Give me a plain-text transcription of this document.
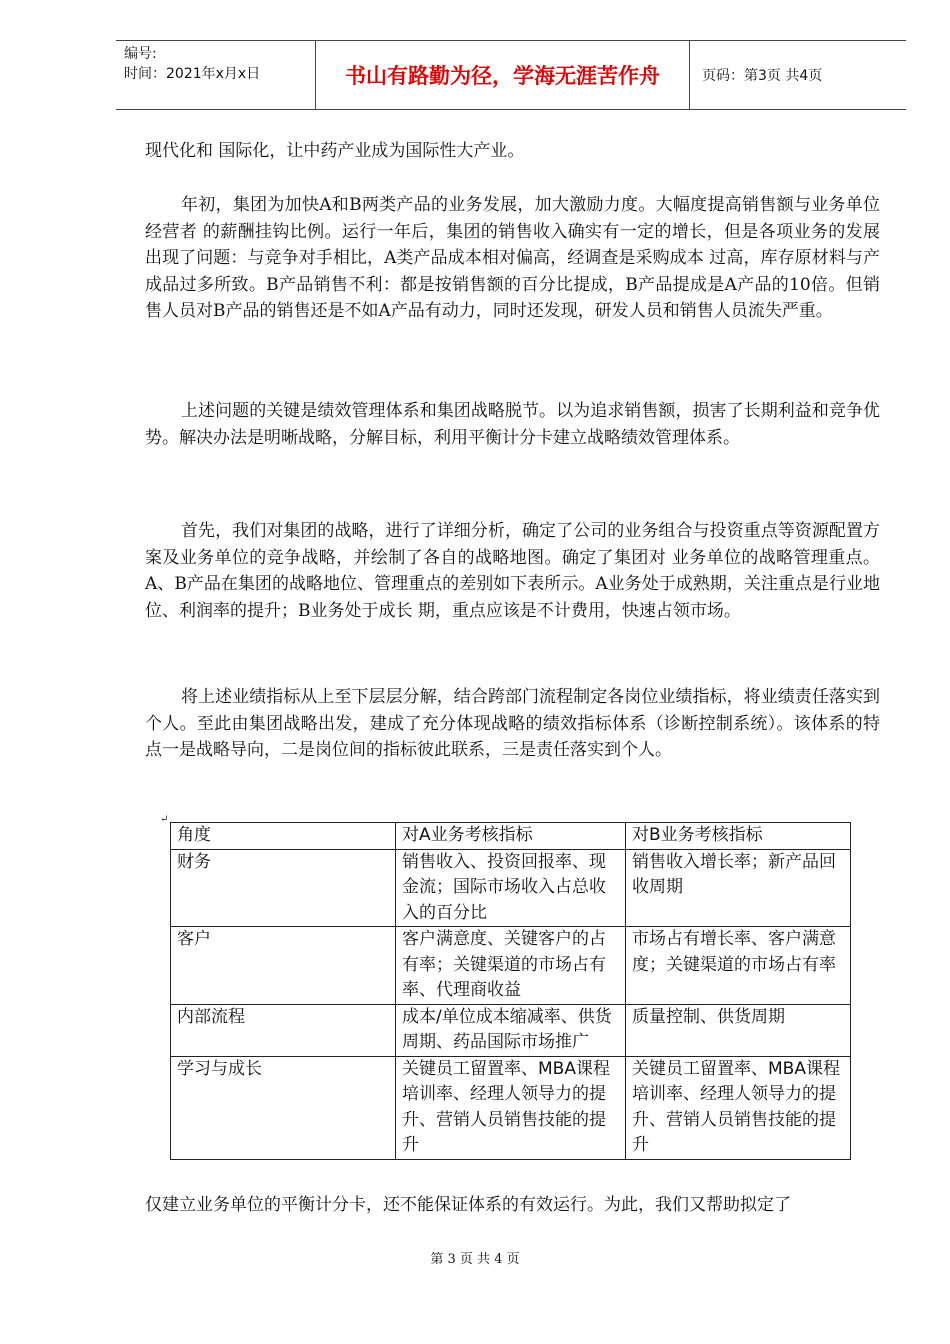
编号:
时间：2021年x月x日	书山有路勤为径，学海无涯苦作舟	页码：第3页 共4页

现代化和 国际化，让中药产业成为国际性大产业。

年初，集团为加快A和B两类产品的业务发展，加大激励力度。大幅度提高销售额与业务单位经营者 的薪酬挂钩比例。运行一年后，集团的销售收入确实有一定的增长，但是各项业务的发展出现了问题：与竞争对手相比，A类产品成本相对偏高，经调查是采购成本 过高，库存原材料与产成品过多所致。B产品销售不利：都是按销售额的百分比提成，B产品提成是A产品的10倍。但销售人员对B产品的销售还是不如A产品有动力，同时还发现，研发人员和销售人员流失严重。

上述问题的关键是绩效管理体系和集团战略脱节。以为追求销售额，损害了长期利益和竞争优势。解决办法是明晰战略，分解目标，利用平衡计分卡建立战略绩效管理体系。

首先，我们对集团的战略，进行了详细分析，确定了公司的业务组合与投资重点等资源配置方案及业务单位的竞争战略，并绘制了各自的战略地图。确定了集团对 业务单位的战略管理重点。A、B产品在集团的战略地位、管理重点的差别如下表所示。A业务处于成熟期，关注重点是行业地位、利润率的提升；B业务处于成长 期，重点应该是不计费用，快速占领市场。

将上述业绩指标从上至下层层分解，结合跨部门流程制定各岗位业绩指标，将业绩责任落实到个人。至此由集团战略出发，建成了充分体现战略的绩效指标体系（诊断控制系统）。该体系的特点一是战略导向，二是岗位间的指标彼此联系，三是责任落实到个人。

↵
角度	对A业务考核指标	对B业务考核指标
财务	销售收入、投资回报率、现金流；国际市场收入占总收入的百分比	销售收入增长率；新产品回收周期
客户	客户满意度、关键客户的占有率；关键渠道的市场占有率、代理商收益	市场占有增长率、客户满意度；关键渠道的市场占有率
内部流程	成本/单位成本缩减率、供货周期、药品国际市场推广	质量控制、供货周期
学习与成长	关键员工留置率、MBA课程培训率、经理人领导力的提升、营销人员销售技能的提升	关键员工留置率、MBA课程培训率、经理人领导力的提升、营销人员销售技能的提升

仅建立业务单位的平衡计分卡，还不能保证体系的有效运行。为此，我们又帮助拟定了

第 3 页 共 4 页
